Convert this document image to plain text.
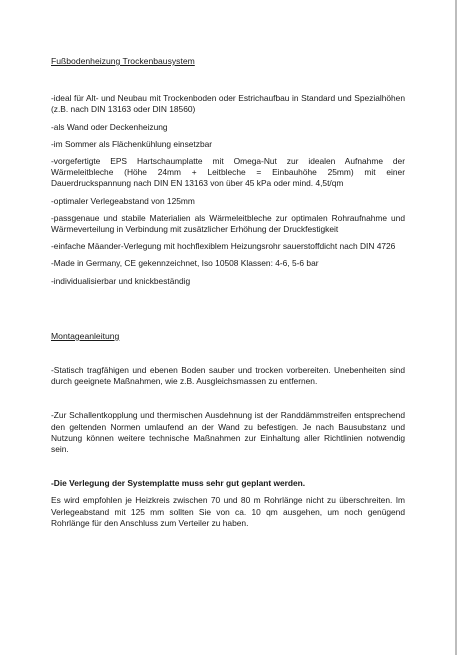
Fußbodenheizung Trockenbausystem

-ideal für Alt- und Neubau mit Trockenboden oder Estrichaufbau in Standard und Spezialhöhen (z.B. nach DIN 13163 oder DIN 18560)

-als Wand oder Deckenheizung

-im Sommer als Flächenkühlung einsetzbar

-vorgefertigte EPS Hartschaumplatte mit Omega-Nut zur idealen Aufnahme der Wärmeleitbleche (Höhe 24mm + Leitbleche = Einbauhöhe 25mm) mit einer Dauerdruckspannung nach DIN EN 13163 von über 45 kPa oder mind. 4,5t/qm

-optimaler Verlegeabstand von 125mm

-passgenaue und stabile Materialien als Wärmeleitbleche zur optimalen Rohraufnahme und Wärmeverteilung in Verbindung mit zusätzlicher Erhöhung der Druckfestigkeit

-einfache Mäander-Verlegung mit hochflexiblem Heizungsrohr sauerstoffdicht nach DIN 4726

-Made in Germany, CE gekennzeichnet, Iso 10508 Klassen: 4-6, 5-6 bar

-individualisierbar und knickbeständig

Montageanleitung

-Statisch tragfähigen und ebenen Boden sauber und trocken vorbereiten. Unebenheiten sind durch geeignete Maßnahmen, wie z.B. Ausgleichsmassen zu entfernen.

-Zur Schallentkopplung und thermischen Ausdehnung ist der Randdämmstreifen entsprechend den geltenden Normen umlaufend an der Wand zu befestigen. Je nach Bausubstanz und Nutzung können weitere technische Maßnahmen zur Einhaltung aller Richtlinien notwendig sein.

-Die Verlegung der Systemplatte muss sehr gut geplant werden.

Es wird empfohlen je Heizkreis zwischen 70 und 80 m Rohrlänge nicht zu überschreiten. Im Verlegeabstand mit 125 mm sollten Sie von ca. 10 qm ausgehen, um noch genügend Rohrlänge für den Anschluss zum Verteiler zu haben.
